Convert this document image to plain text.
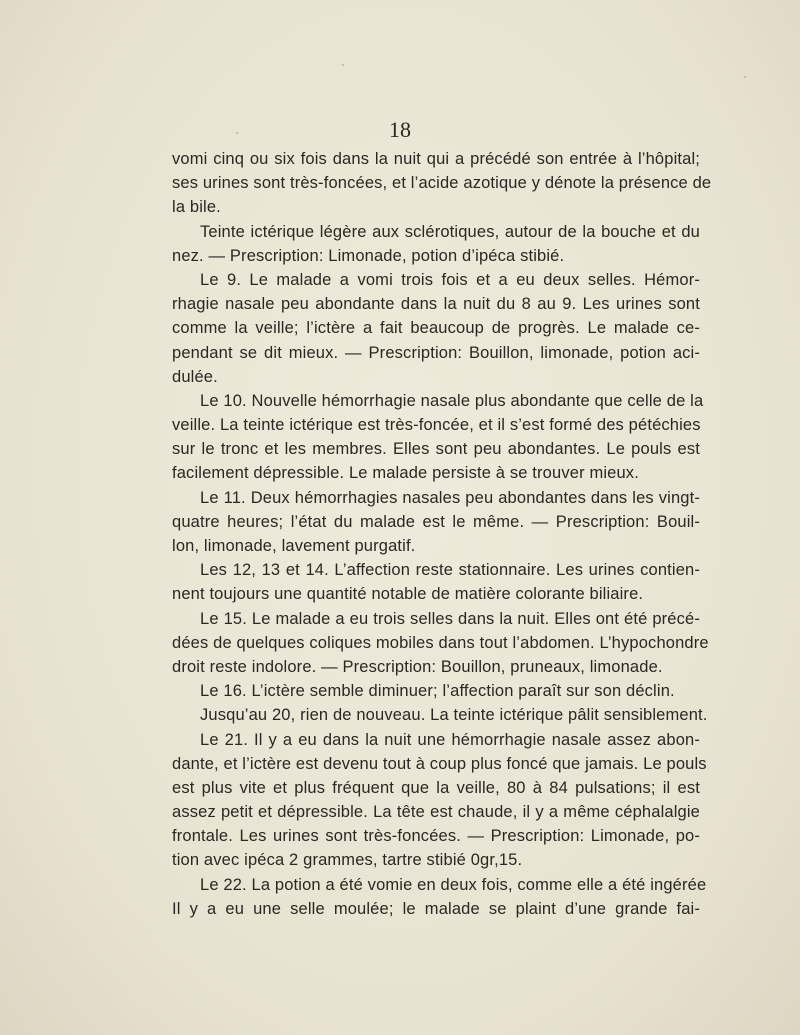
18
vomi cinq ou six fois dans la nuit qui a précédé son entrée à l’hôpital;
ses urines sont très-foncées, et l’acide azotique y dénote la présence de
la bile.
Teinte ictérique légère aux sclérotiques, autour de la bouche et du
nez. — Prescription: Limonade, potion d’ipéca stibié.
Le 9. Le malade a vomi trois fois et a eu deux selles. Hémor-
rhagie nasale peu abondante dans la nuit du 8 au 9. Les urines sont
comme la veille; l’ictère a fait beaucoup de progrès. Le malade ce-
pendant se dit mieux. — Prescription: Bouillon, limonade, potion aci-
dulée.
Le 10. Nouvelle hémorrhagie nasale plus abondante que celle de la
veille. La teinte ictérique est très-foncée, et il s’est formé des pétéchies
sur le tronc et les membres. Elles sont peu abondantes. Le pouls est
facilement dépressible. Le malade persiste à se trouver mieux.
Le 11. Deux hémorrhagies nasales peu abondantes dans les vingt-
quatre heures; l’état du malade est le même. — Prescription: Bouil-
lon, limonade, lavement purgatif.
Les 12, 13 et 14. L’affection reste stationnaire. Les urines contien-
nent toujours une quantité notable de matière colorante biliaire.
Le 15. Le malade a eu trois selles dans la nuit. Elles ont été précé-
dées de quelques coliques mobiles dans tout l’abdomen. L’hypochondre
droit reste indolore. — Prescription: Bouillon, pruneaux, limonade.
Le 16. L’ictère semble diminuer; l’affection paraît sur son déclin.
Jusqu’au 20, rien de nouveau. La teinte ictérique pâlit sensiblement.
Le 21. Il y a eu dans la nuit une hémorrhagie nasale assez abon-
dante, et l’ictère est devenu tout à coup plus foncé que jamais. Le pouls
est plus vite et plus fréquent que la veille, 80 à 84 pulsations; il est
assez petit et dépressible. La tête est chaude, il y a même céphalalgie
frontale. Les urines sont très-foncées. — Prescription: Limonade, po-
tion avec ipéca 2 grammes, tartre stibié 0gr,15.
Le 22. La potion a été vomie en deux fois, comme elle a été ingérée
Il y a eu une selle moulée; le malade se plaint d’une grande fai-
